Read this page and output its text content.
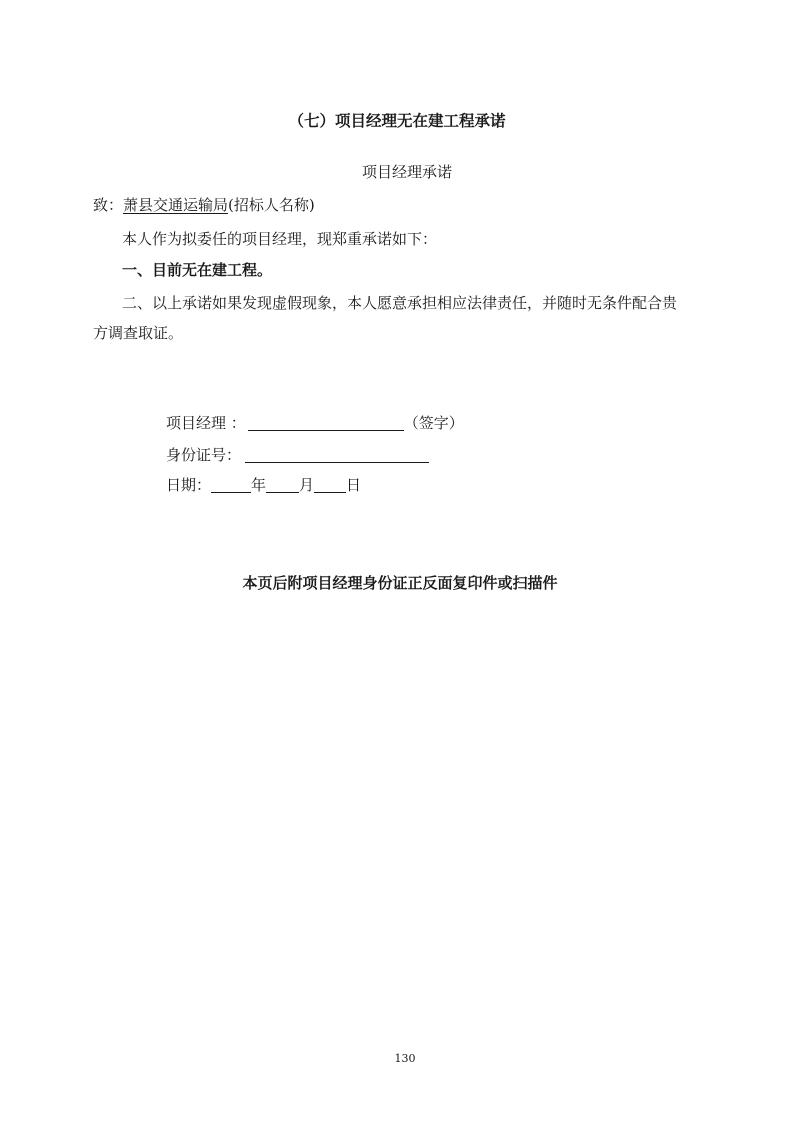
（七）项目经理无在建工程承诺
项目经理承诺
致：萧县交通运输局(招标人名称)
本人作为拟委任的项目经理，现郑重承诺如下：
一、目前无在建工程。
二、以上承诺如果发现虚假现象，本人愿意承担相应法律责任，并随时无条件配合贵
方调查取证。
项目经理 ：	（签字）
身份证号：
日期：	年 月 日
本页后附项目经理身份证正反面复印件或扫描件
130
